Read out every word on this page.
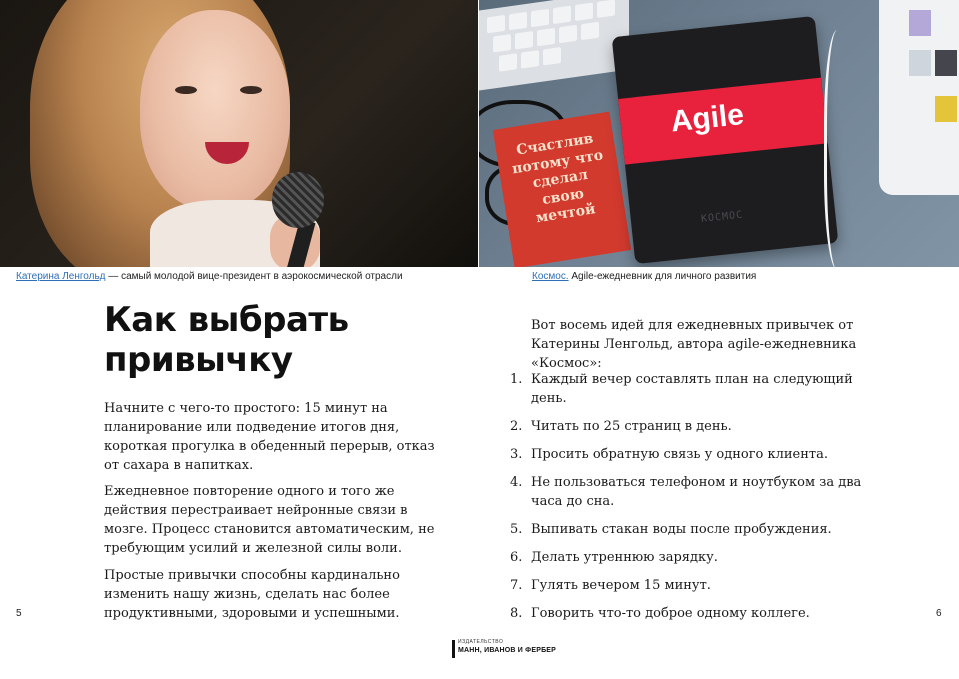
Счастлив потому что сделал свою мечтой
Agile
КОСМОС
Катерина Ленгольд — самый молодой вице-президент в аэрокосмической отрасли	Космос. Agile-ежедневник для личного развития
Как выбрать привычку

Начните с чего-то простого: 15 минут на планирование или подведение итогов дня, короткая прогулка в обеденный перерыв, отказ от сахара в напитках.

Ежедневное повторение одного и того же действия перестраивает нейронные связи в мозге. Процесс становится автоматическим, не требующим усилий и железной силы воли.

Простые привычки способны кардинально изменить нашу жизнь, сделать нас более продуктивными, здоровыми и успешными.

5

Вот восемь идей для ежедневных привычек от Катерины Ленгольд, автора agile-ежедневника «Космос»:

1. Каждый вечер составлять план на следующий день.
2. Читать по 25 страниц в день.
3. Просить обратную связь у одного клиента.
4. Не пользоваться телефоном и ноутбуком за два часа до сна.
5. Выпивать стакан воды после пробуждения.
6. Делать утреннюю зарядку.
7. Гулять вечером 15 минут.
8. Говорить что-то доброе одному коллеге.	6
ИЗДАТЕЛЬСТВО
МАНН, ИВАНОВ И ФЕРБЕР
